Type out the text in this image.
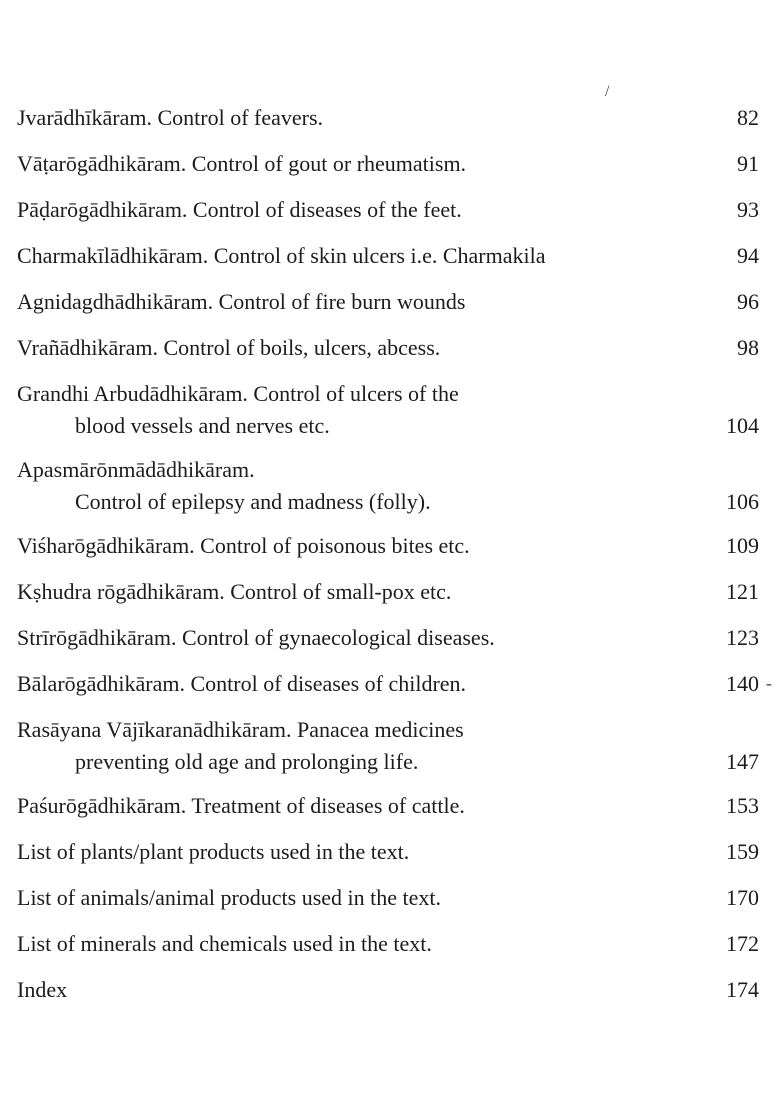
/
-
Jvarādhīkāram. Control of feavers.	82
Vāṭarōgādhikāram. Control of gout or rheumatism.	91
Pāḍarōgādhikāram. Control of diseases of the feet.	93
Charmakīlādhikāram. Control of skin ulcers i.e. Charmakila	94
Agnidagdhādhikāram. Control of fire burn wounds	96
Vrañādhikāram. Control of boils, ulcers, abcess.	98
Grandhi Arbudādhikāram. Control of ulcers of the
blood vessels and nerves etc.	104
Apasmārōnmādādhikāram.
Control of epilepsy and madness (folly).	106
Viśharōgādhikāram. Control of poisonous bites etc.	109
Kṣhudra rōgādhikāram. Control of small-pox etc.	121
Strīrōgādhikāram. Control of gynaecological diseases.	123
Bālarōgādhikāram. Control of diseases of children.	140
Rasāyana Vājīkaranādhikāram. Panacea medicines
preventing old age and prolonging life.	147
Paśurōgādhikāram. Treatment of diseases of cattle.	153
List of plants/plant products used in the text.	159
List of animals/animal products used in the text.	170
List of minerals and chemicals used in the text.	172
Index	174
